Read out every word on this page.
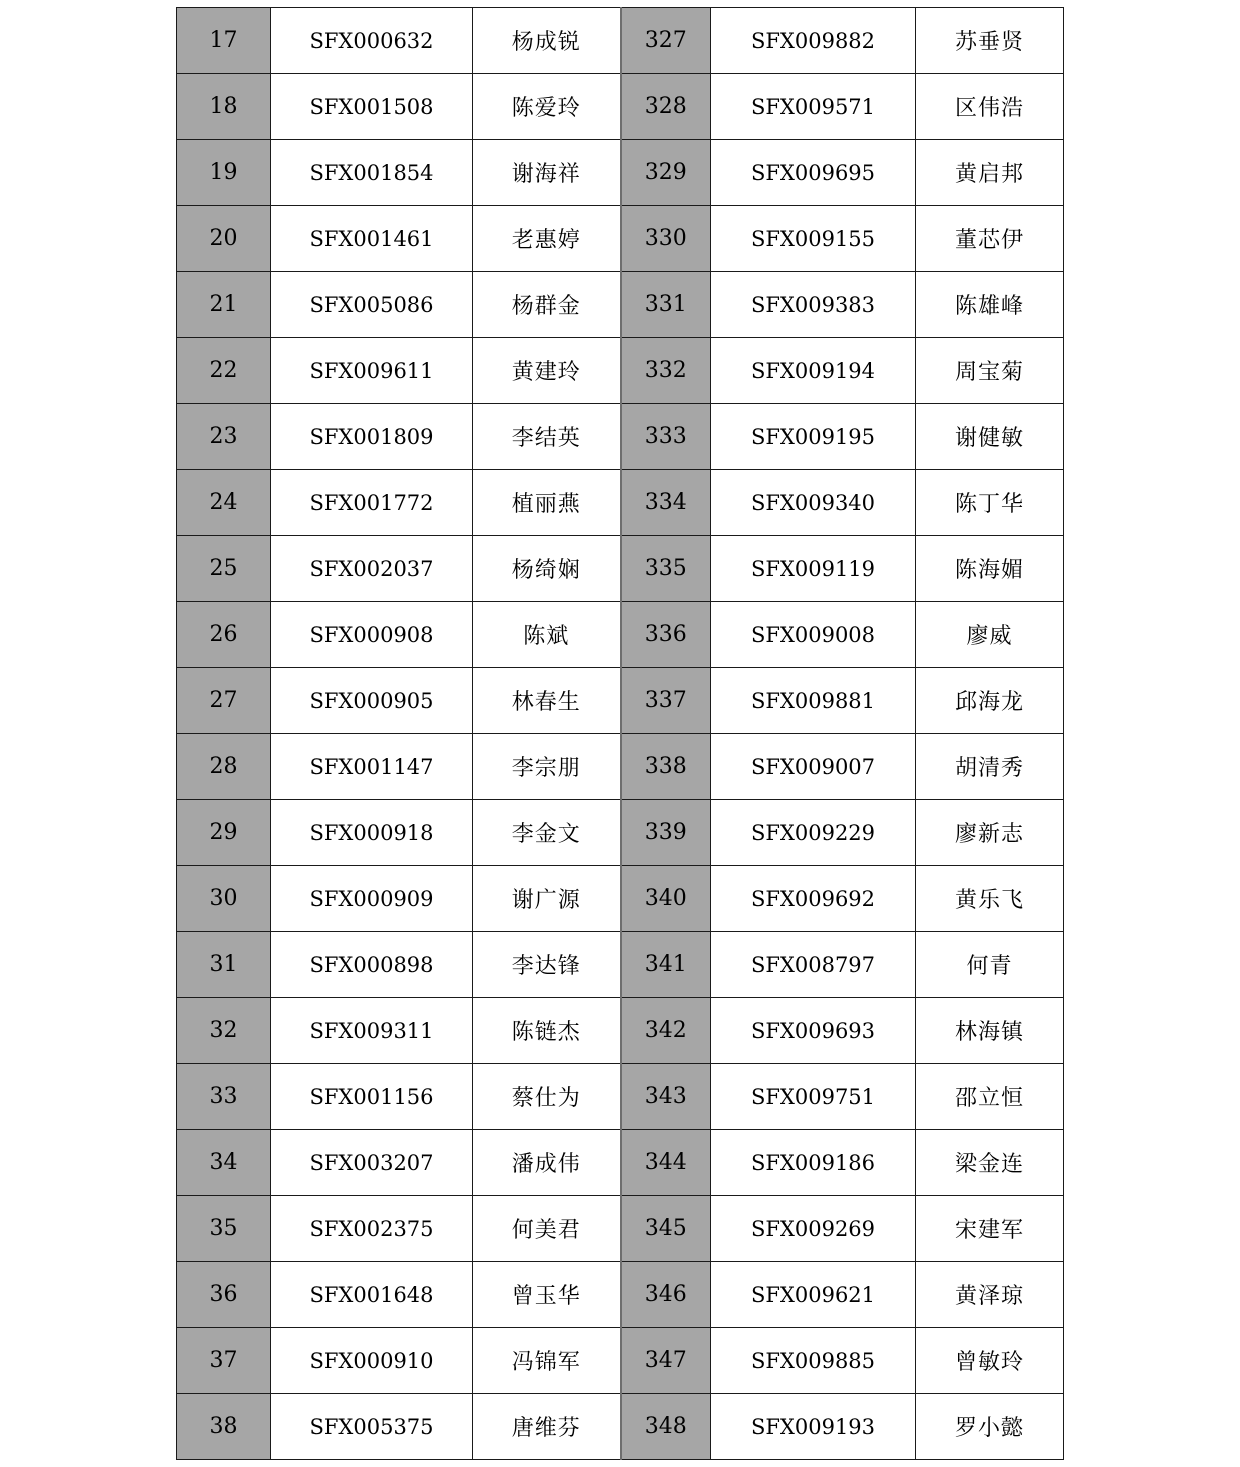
17	SFX000632	杨成锐	327	SFX009882	苏垂贤
18	SFX001508	陈爱玲	328	SFX009571	区伟浩
19	SFX001854	谢海祥	329	SFX009695	黄启邦
20	SFX001461	老惠婷	330	SFX009155	董芯伊
21	SFX005086	杨群金	331	SFX009383	陈雄峰
22	SFX009611	黄建玲	332	SFX009194	周宝菊
23	SFX001809	李结英	333	SFX009195	谢健敏
24	SFX001772	植丽燕	334	SFX009340	陈丁华
25	SFX002037	杨绮娴	335	SFX009119	陈海媚
26	SFX000908	陈斌	336	SFX009008	廖威
27	SFX000905	林春生	337	SFX009881	邱海龙
28	SFX001147	李宗朋	338	SFX009007	胡清秀
29	SFX000918	李金文	339	SFX009229	廖新志
30	SFX000909	谢广源	340	SFX009692	黄乐飞
31	SFX000898	李达锋	341	SFX008797	何青
32	SFX009311	陈链杰	342	SFX009693	林海镇
33	SFX001156	蔡仕为	343	SFX009751	邵立恒
34	SFX003207	潘成伟	344	SFX009186	梁金连
35	SFX002375	何美君	345	SFX009269	宋建军
36	SFX001648	曾玉华	346	SFX009621	黄泽琼
37	SFX000910	冯锦军	347	SFX009885	曾敏玲
38	SFX005375	唐维芬	348	SFX009193	罗小懿
